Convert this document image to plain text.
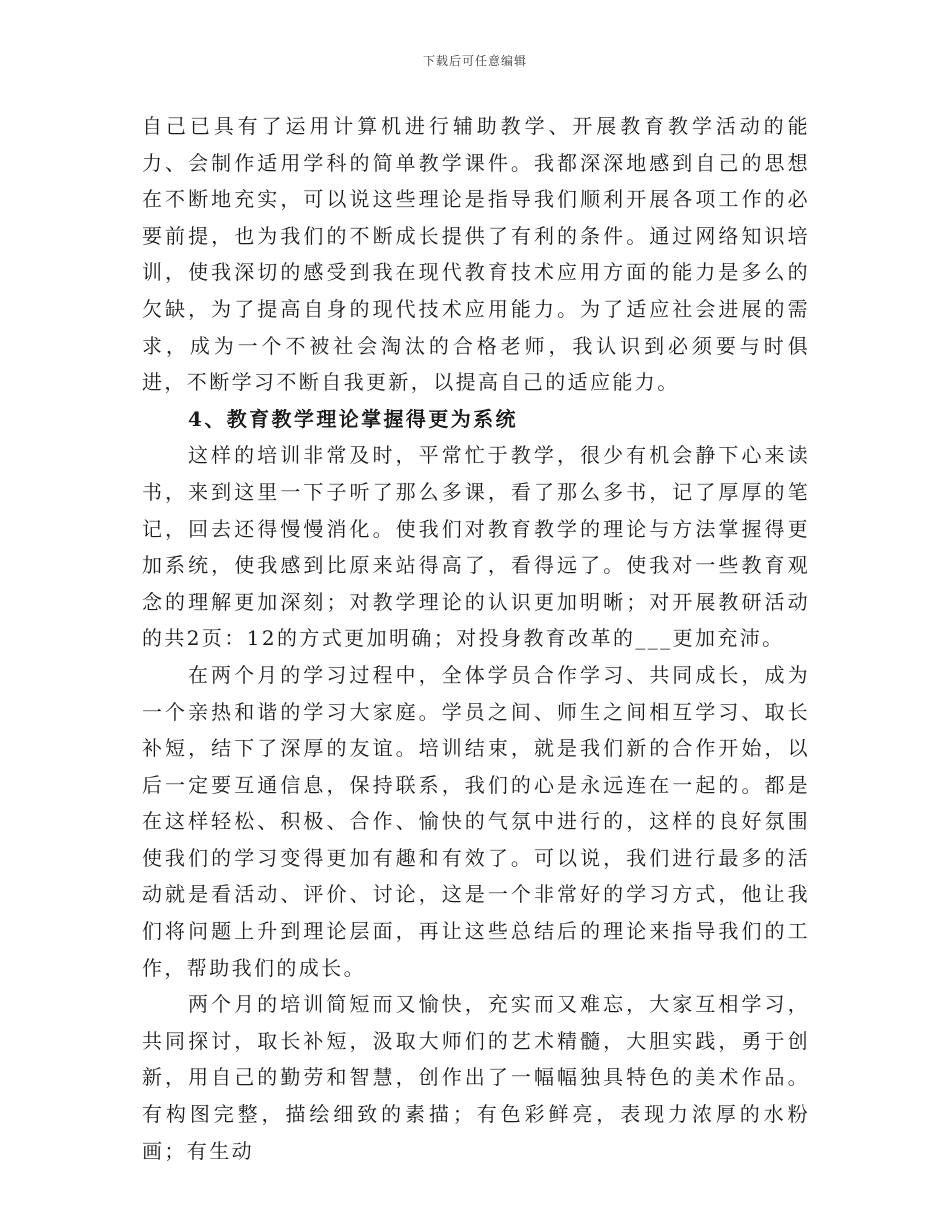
下载后可任意编辑

自己已具有了运用计算机进行辅助教学、开展教育教学活动的能力、会制作适用学科的简单教学课件。我都深深地感到自己的思想在不断地充实，可以说这些理论是指导我们顺利开展各项工作的必要前提，也为我们的不断成长提供了有利的条件。通过网络知识培训，使我深切的感受到我在现代教育技术应用方面的能力是多么的欠缺，为了提高自身的现代技术应用能力。为了适应社会进展的需求，成为一个不被社会淘汰的合格老师，我认识到必须要与时俱进，不断学习不断自我更新，以提高自己的适应能力。

4、教育教学理论掌握得更为系统

这样的培训非常及时，平常忙于教学，很少有机会静下心来读书，来到这里一下子听了那么多课，看了那么多书，记了厚厚的笔记，回去还得慢慢消化。使我们对教育教学的理论与方法掌握得更加系统，使我感到比原来站得高了，看得远了。使我对一些教育观念的理解更加深刻；对教学理论的认识更加明晰；对开展教研活动的共2页：12的方式更加明确；对投身教育改革的___更加充沛。

在两个月的学习过程中，全体学员合作学习、共同成长，成为一个亲热和谐的学习大家庭。学员之间、师生之间相互学习、取长补短，结下了深厚的友谊。培训结束，就是我们新的合作开始，以后一定要互通信息，保持联系，我们的心是永远连在一起的。都是在这样轻松、积极、合作、愉快的气氛中进行的，这样的良好氛围使我们的学习变得更加有趣和有效了。可以说，我们进行最多的活动就是看活动、评价、讨论，这是一个非常好的学习方式，他让我们将问题上升到理论层面，再让这些总结后的理论来指导我们的工作，帮助我们的成长。

两个月的培训简短而又愉快，充实而又难忘，大家互相学习，共同探讨，取长补短，汲取大师们的艺术精髓，大胆实践，勇于创新，用自己的勤劳和智慧，创作出了一幅幅独具特色的美术作品。有构图完整，描绘细致的素描；有色彩鲜亮，表现力浓厚的水粉画；有生动
